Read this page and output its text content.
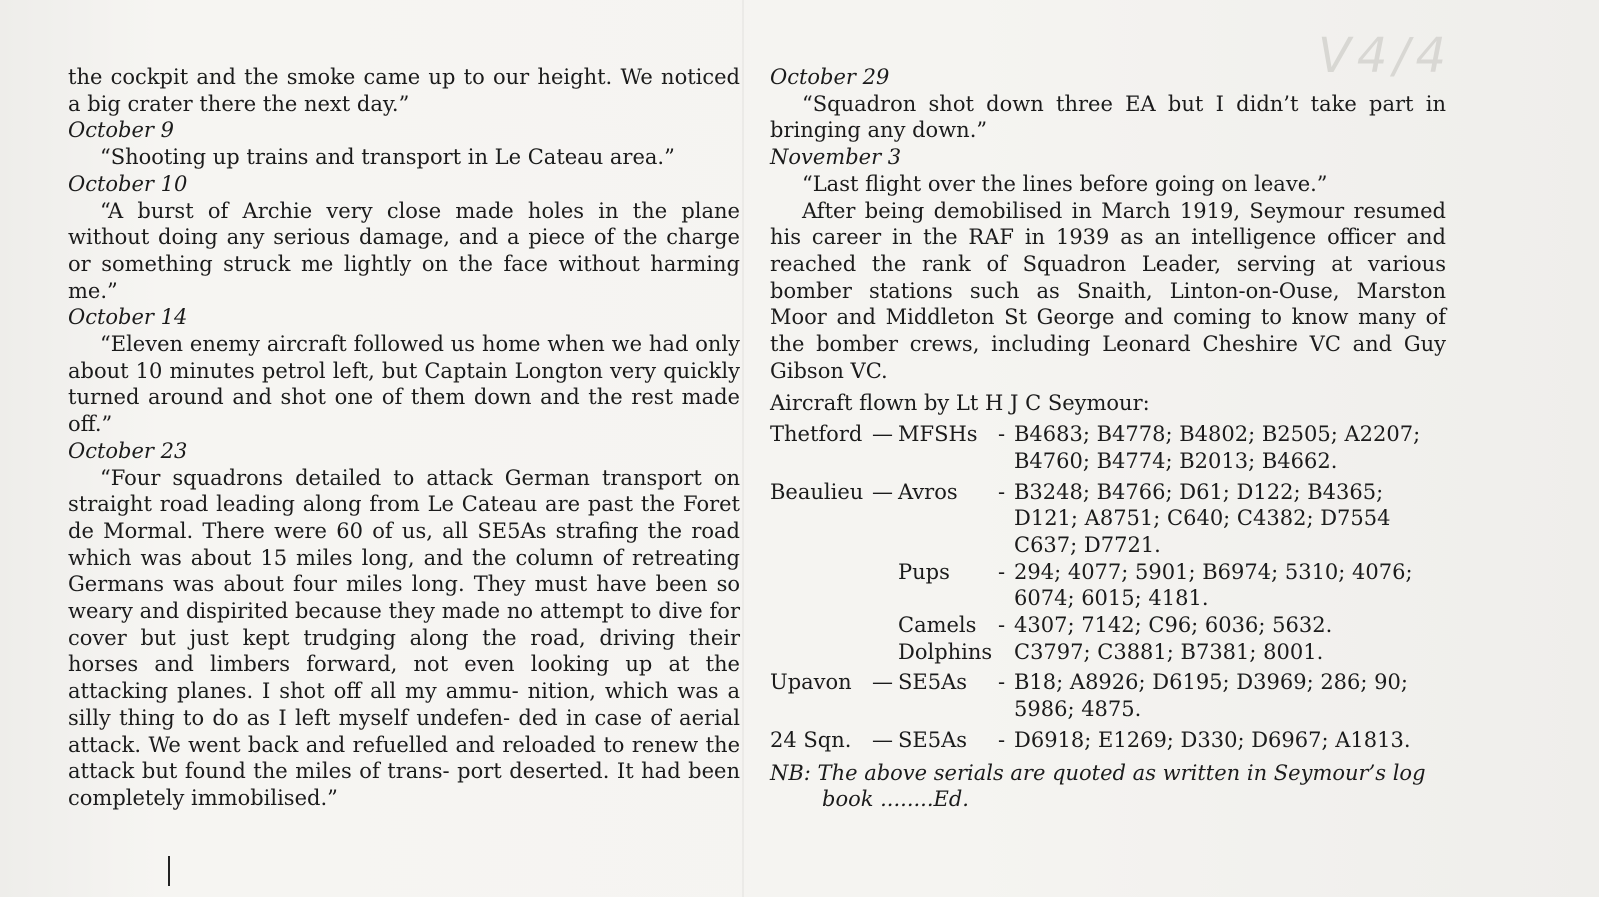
V4/4
the cockpit and the smoke came up to our height. We noticed a big crater there the next day.”
October 9
“Shooting up trains and transport in Le Cateau area.”
October 10
“A burst of Archie very close made holes in the plane without doing any serious damage, and a piece of the charge or something struck me lightly on the face without harming me.”
October 14
“Eleven enemy aircraft followed us home when we had only about 10 minutes petrol left, but Captain Longton very quickly turned around and shot one of them down and the rest made off.”
October 23
“Four squadrons detailed to attack German transport on straight road leading along from Le Cateau are past the Foret de Mormal. There were 60 of us, all SE5As strafing the road which was about 15 miles long, and the column of retreating Germans was about four miles long. They must have been so weary and dispirited because they made no attempt to dive for cover but just kept trudging along the road, driving their horses and limbers forward, not even looking up at the attacking planes. I shot off all my ammu- nition, which was a silly thing to do as I left myself undefen- ded in case of aerial attack. We went back and refuelled and reloaded to renew the attack but found the miles of trans- port deserted. It had been completely immobilised.”
October 29
“Squadron shot down three EA but I didn’t take part in bringing any down.”
November 3
“Last flight over the lines before going on leave.”
After being demobilised in March 1919, Seymour resumed his career in the RAF in 1939 as an intelligence officer and reached the rank of Squadron Leader, serving at various bomber stations such as Snaith, Linton-on-Ouse, Marston Moor and Middleton St George and coming to know many of the bomber crews, including Leonard Cheshire VC and Guy Gibson VC.
Aircraft flown by Lt H J C Seymour:
Thetford	—	MFSHs	-	B4683; B4778; B4802; B2505; A2207; B4760; B4774; B2013; B4662.

Beaulieu	—	Avros	-	B3248; B4766; D61; D122; B4365; D121; A8751; C640; C4382; D7554 C637; D7721.
		Pups	-	294; 4077; 5901; B6974; 5310; 4076; 6074; 6015; 4181.
		Camels	-	4307; 7142; C96; 6036; 5632.
		Dolphins		C3797; C3881; B7381; 8001.

Upavon	—	SE5As	-	B18; A8926; D6195; D3969; 286; 90; 5986; 4875.

24 Sqn.	—	SE5As	-	D6918; E1269; D330; D6967; A1813.
NB: The above serials are quoted as written in Seymour’s log
book ........Ed.
